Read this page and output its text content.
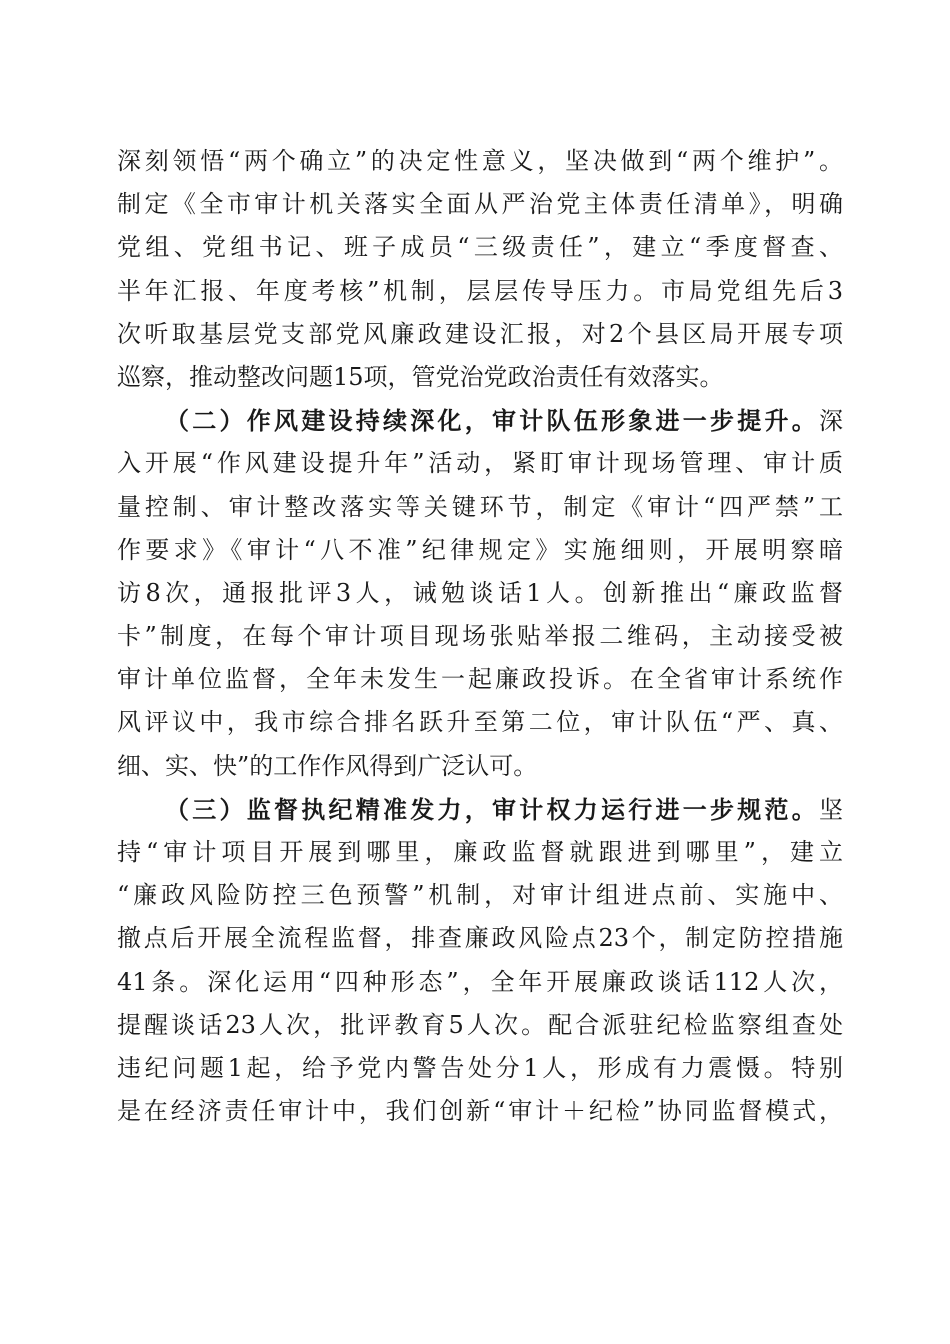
深刻领悟“两个确立”的决定性意义，坚决做到“两个维护”。
制定《全市审计机关落实全面从严治党主体责任清单》，明确
党组、党组书记、班子成员“三级责任”，建立“季度督查、
半年汇报、年度考核”机制，层层传导压力。市局党组先后3
次听取基层党支部党风廉政建设汇报，对2个县区局开展专项
巡察，推动整改问题15项，管党治党政治责任有效落实。
（二）作风建设持续深化，审计队伍形象进一步提升。深
入开展“作风建设提升年”活动，紧盯审计现场管理、审计质
量控制、审计整改落实等关键环节，制定《审计“四严禁”工
作要求》《审计“八不准”纪律规定》实施细则，开展明察暗
访8次，通报批评3人，诫勉谈话1人。创新推出“廉政监督
卡”制度，在每个审计项目现场张贴举报二维码，主动接受被
审计单位监督，全年未发生一起廉政投诉。在全省审计系统作
风评议中，我市综合排名跃升至第二位，审计队伍“严、真、
细、实、快”的工作作风得到广泛认可。
（三）监督执纪精准发力，审计权力运行进一步规范。坚
持“审计项目开展到哪里，廉政监督就跟进到哪里”，建立
“廉政风险防控三色预警”机制，对审计组进点前、实施中、
撤点后开展全流程监督，排查廉政风险点23个，制定防控措施
41条。深化运用“四种形态”，全年开展廉政谈话112人次，
提醒谈话23人次，批评教育5人次。配合派驻纪检监察组查处
违纪问题1起，给予党内警告处分1人，形成有力震慑。特别
是在经济责任审计中，我们创新“审计＋纪检”协同监督模式，
